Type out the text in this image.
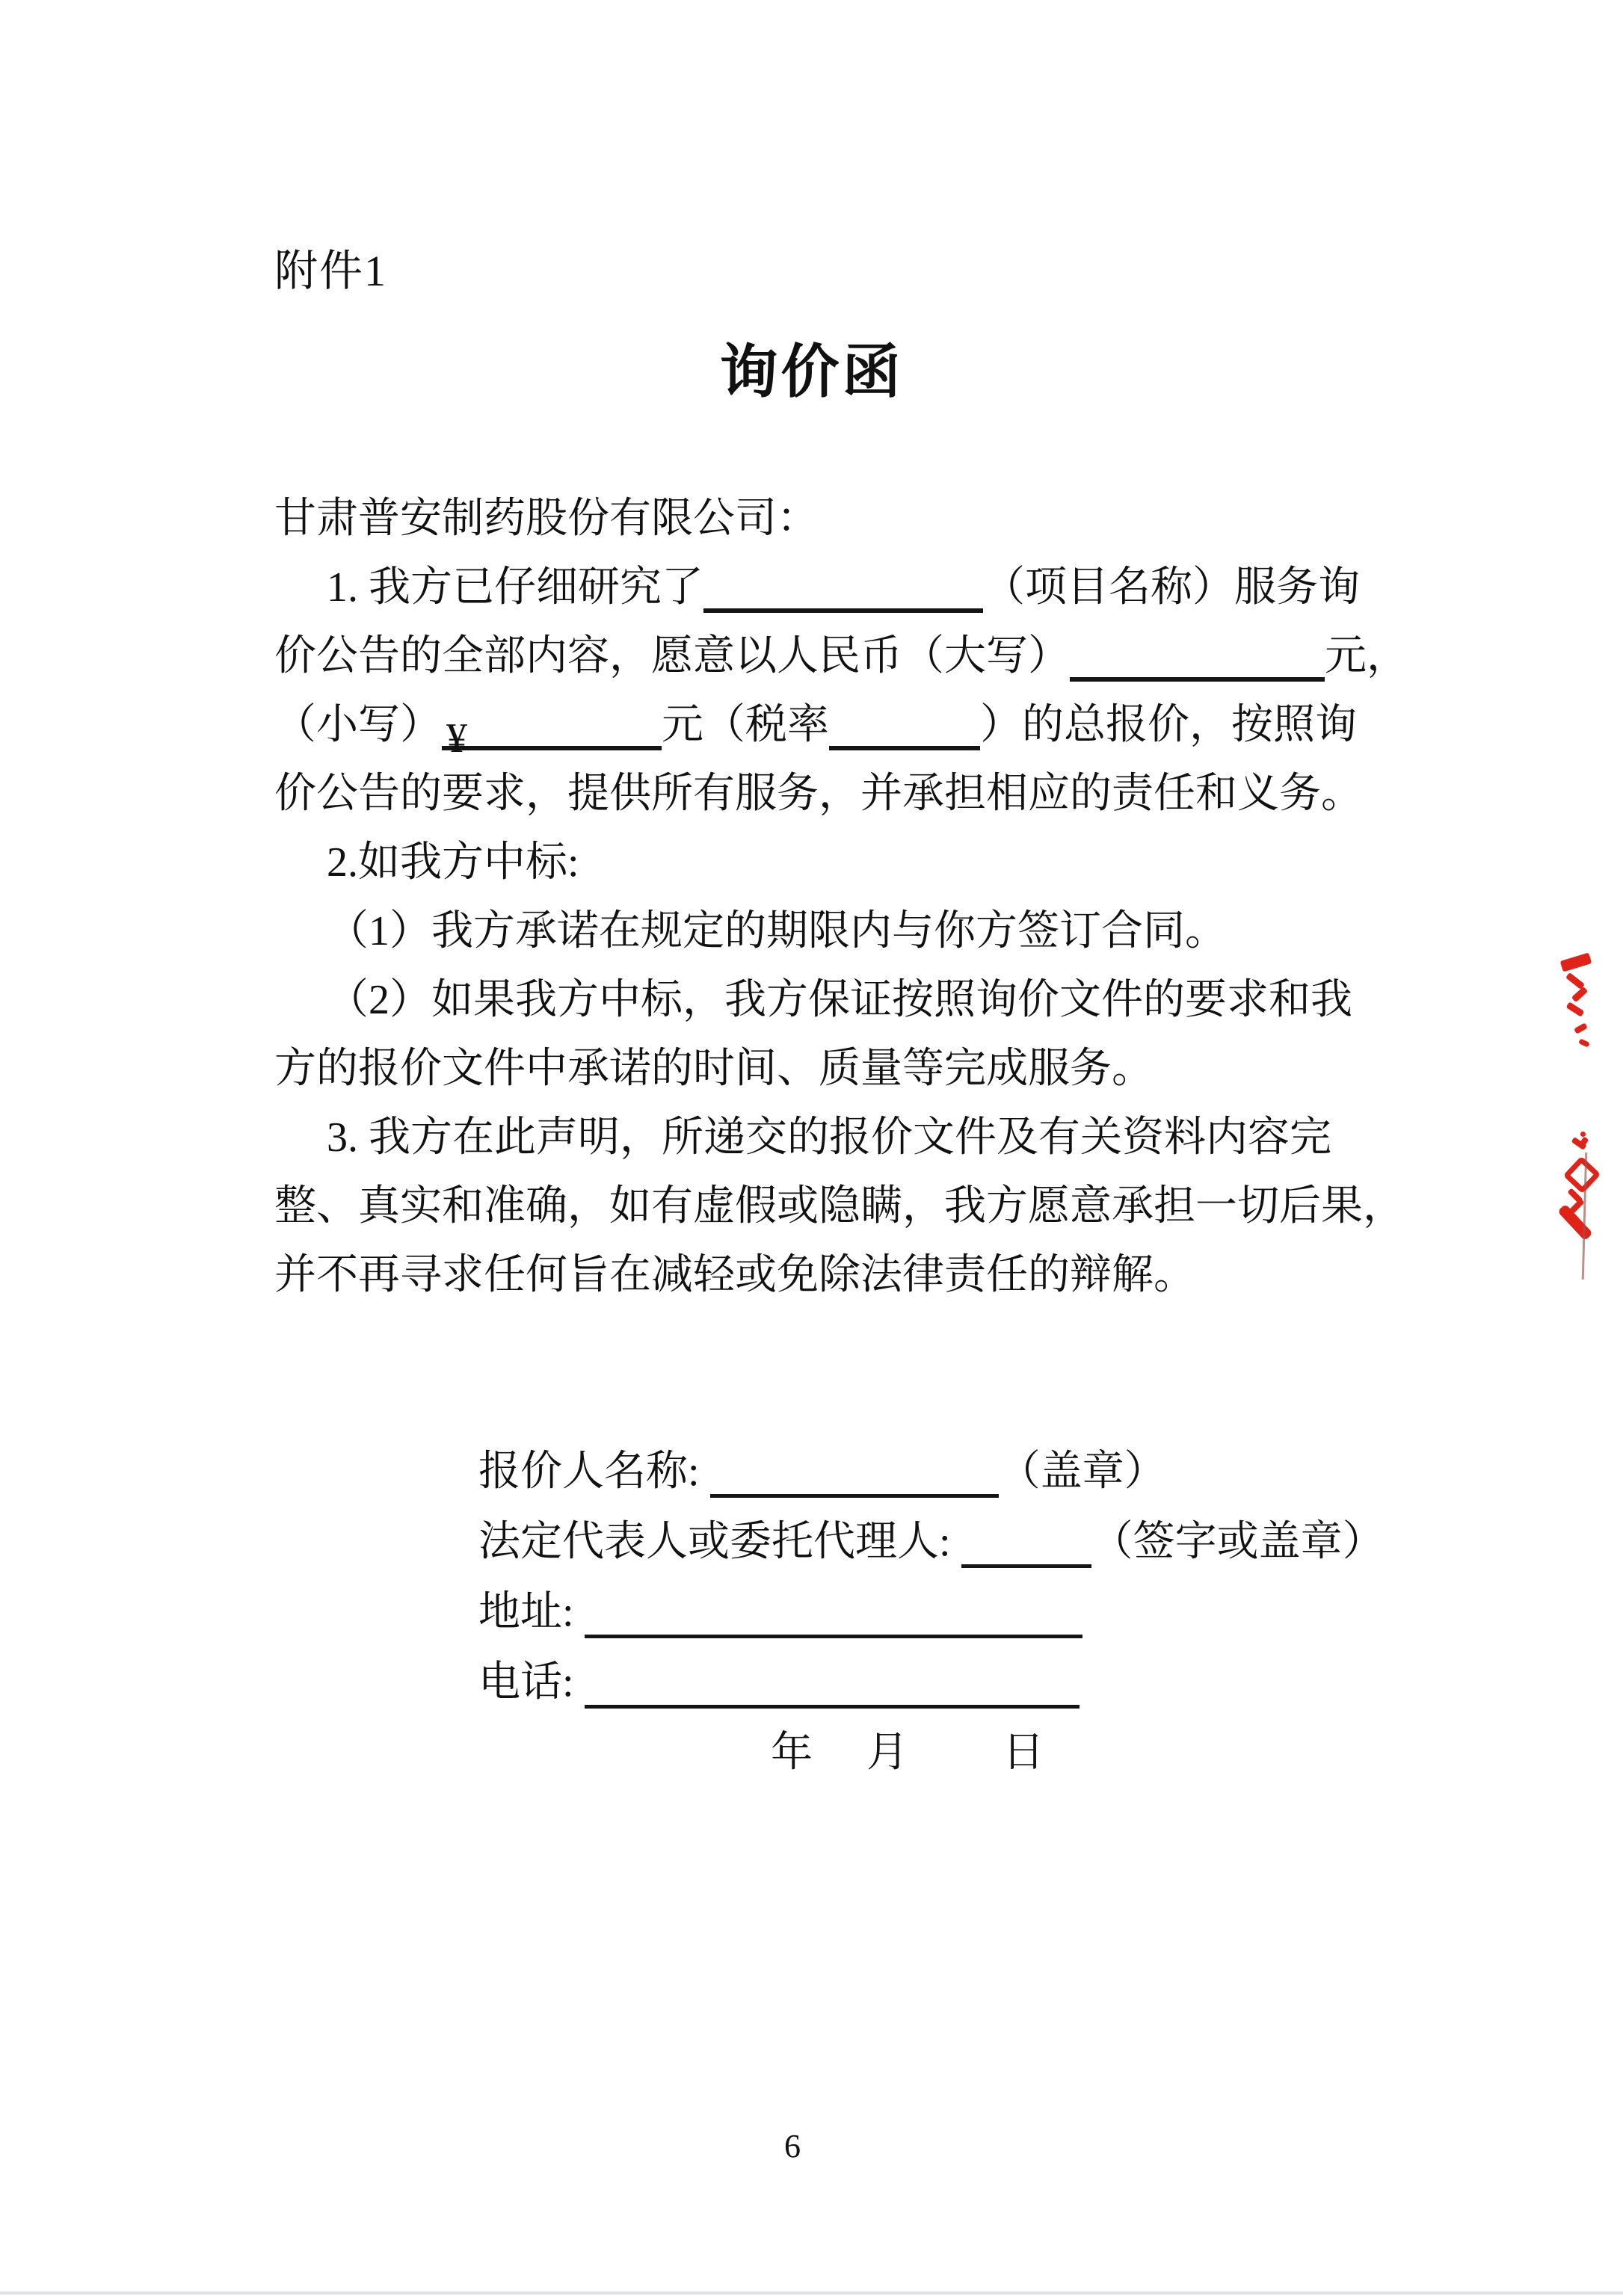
附件1
询价函
甘肃普安制药股份有限公司：
1. 我方已仔细研究了	（项目名称）服务询
价公告的全部内容，愿意以人民币（大写）	元，
（小写） ¥	元（税率	）的总报价，按照询
价公告的要求，提供所有服务，并承担相应的责任和义务。
2.如我方中标:
（1）我方承诺在规定的期限内与你方签订合同。
（2）如果我方中标，我方保证按照询价文件的要求和我
方的报价文件中承诺的时间、质量等完成服务。
3. 我方在此声明，所递交的报价文件及有关资料内容完
整、真实和准确，如有虚假或隐瞒，我方愿意承担一切后果，
并不再寻求任何旨在减轻或免除法律责任的辩解。
报价人名称:	（盖章）
法定代表人或委托代理人:	（签字或盖章）
地址:
电话:
年 月 日
6
